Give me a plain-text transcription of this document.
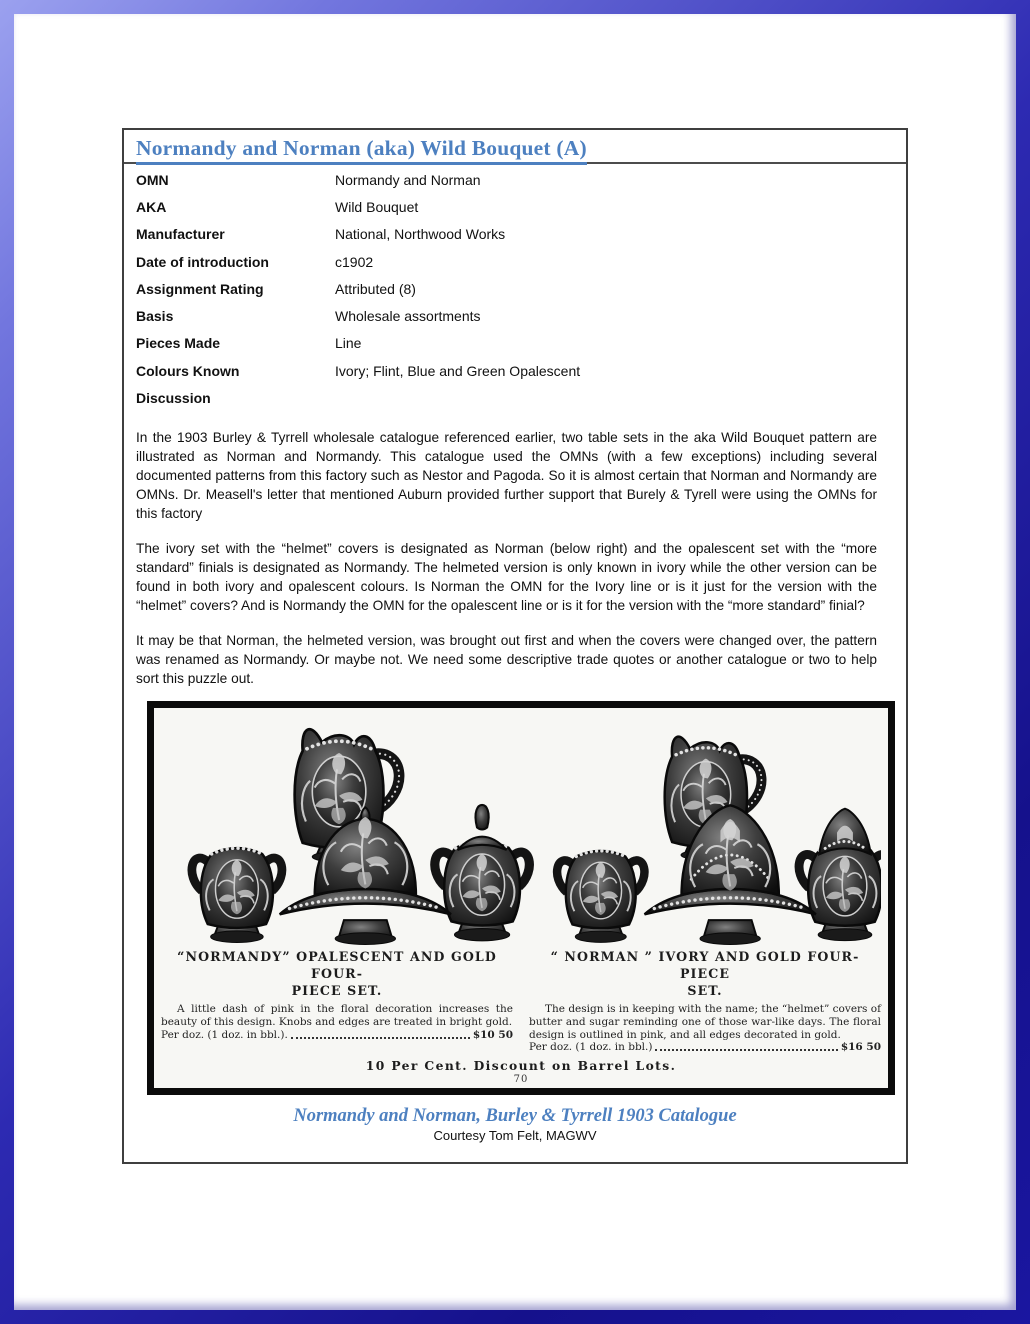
Normandy and Norman (aka) Wild Bouquet (A)
OMN	Normandy and Norman
AKA	Wild Bouquet
Manufacturer	National, Northwood Works
Date of introduction	c1902
Assignment Rating	Attributed (8)
Basis	Wholesale assortments
Pieces Made	Line
Colours Known	Ivory; Flint, Blue and Green Opalescent
Discussion

In the 1903 Burley & Tyrrell wholesale catalogue referenced earlier, two table sets in the aka Wild Bouquet pattern are illustrated as Norman and Normandy. This catalogue used the OMNs (with a few exceptions) including several documented patterns from this factory such as Nestor and Pagoda. So it is almost certain that Norman and Normandy are OMNs. Dr. Measell's letter that mentioned Auburn provided further support that Burely & Tyrell were using the OMNs for this factory

The ivory set with the “helmet” covers is designated as Norman (below right) and the opalescent set with the “more standard” finials is designated as Normandy. The helmeted version is only known in ivory while the other version can be found in both ivory and opalescent colours. Is Norman the OMN for the Ivory line or is it just for the version with the “helmet” covers? And is Normandy the OMN for the opalescent line or is it for the version with the “more standard” finial?

It may be that Norman, the helmeted version, was brought out first and when the covers were changed over, the pattern was renamed as Normandy. Or maybe not. We need some descriptive trade quotes or another catalogue or two to help sort this puzzle out.

“NORMANDY” OPALESCENT AND GOLD FOUR-
PIECE SET.

A little dash of pink in the floral decoration increases the beauty of this design. Knobs and edges are treated in bright gold.

Per doz. (1 doz. in bbl.).	$10 50
“ NORMAN ” IVORY AND GOLD FOUR-PIECE
SET.

The design is in keeping with the name; the “helmet” covers of butter and sugar reminding one of those war-like days. The floral design is outlined in pink, and all edges decorated in gold.

Per doz. (1 doz. in bbl.)	$16 50
10 Per Cent. Discount on Barrel Lots.
70
Normandy and Norman, Burley & Tyrrell 1903 Catalogue
Courtesy Tom Felt, MAGWV
